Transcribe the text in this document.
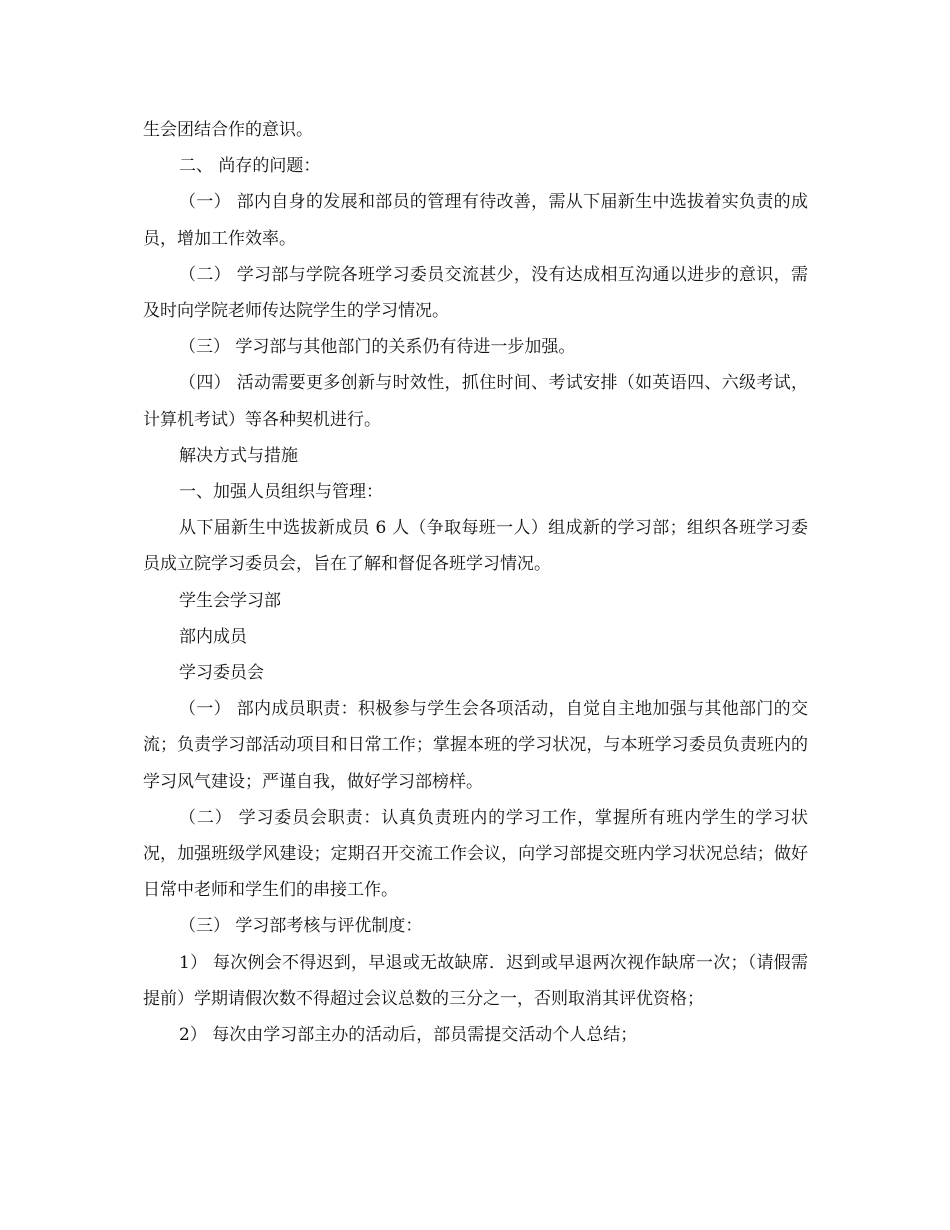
生会团结合作的意识。

二、 尚存的问题：

（一） 部内自身的发展和部员的管理有待改善，需从下届新生中选拔着实负责的成员，增加工作效率。

（二） 学习部与学院各班学习委员交流甚少，没有达成相互沟通以进步的意识，需及时向学院老师传达院学生的学习情况。

（三） 学习部与其他部门的关系仍有待进一步加强。

（四） 活动需要更多创新与时效性，抓住时间、考试安排（如英语四、六级考试，计算机考试）等各种契机进行。

解决方式与措施

一、加强人员组织与管理：

从下届新生中选拔新成员 6 人（争取每班一人）组成新的学习部；组织各班学习委员成立院学习委员会，旨在了解和督促各班学习情况。

学生会学习部

部内成员

学习委员会

（一） 部内成员职责：积极参与学生会各项活动，自觉自主地加强与其他部门的交流；负责学习部活动项目和日常工作；掌握本班的学习状况，与本班学习委员负责班内的学习风气建设；严谨自我，做好学习部榜样。

（二） 学习委员会职责：认真负责班内的学习工作，掌握所有班内学生的学习状况，加强班级学风建设；定期召开交流工作会议，向学习部提交班内学习状况总结；做好日常中老师和学生们的串接工作。

（三） 学习部考核与评优制度：

1） 每次例会不得迟到，早退或无故缺席．迟到或早退两次视作缺席一次；（请假需提前）学期请假次数不得超过会议总数的三分之一，否则取消其评优资格；

2） 每次由学习部主办的活动后，部员需提交活动个人总结；
